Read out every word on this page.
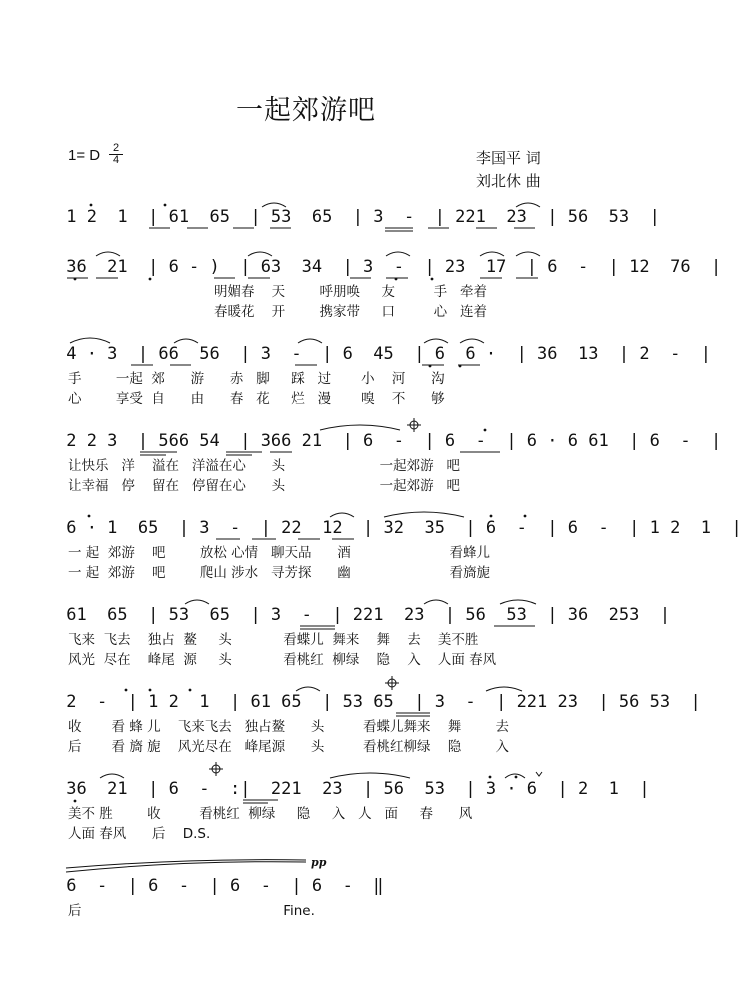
一起郊游吧
1= D	2
4	李国平 词
刘北休 曲
1 2  1  | 61  65  | 53  65  | 3  -  | 221  23  | 56  53  |
36  21  | 6 - )  | 63  34  | 3  -  | 23  17  | 6  -  | 12  76  |
明媚春    天        呼朋唤     友         手   牵着
春暖花    开        携家带     口         心   连着
4 · 3  | 66  56  | 3  -  | 6  45  | 6  6 ·  | 36  13  | 2  -  |
手        一起  郊      游      赤   脚     踩   过       小    河      沟
心        享受  自      由      春   花     烂   漫       嗅    不      够
2 2 3  | 566 54  | 366 21  | 6  -  | 6  -  | 6 · 6 61  | 6  -  |
让快乐   洋    溢在   洋溢在心      头                      一起郊游   吧
让幸福   停    留在   停留在心      头                      一起郊游   吧
6 · 1  65  | 3  -  | 22  12  | 32  35  | 6  -  | 6  -  | 1 2  1  |
一 起  郊游    吧        放松 心情   聊天品      酒                       看蜂儿
一 起  郊游    吧        爬山 涉水   寻芳探      幽                       看旖旎
61  65  | 53  65  | 3  -  | 221  23  | 56  53  | 36  253  |
飞来  飞去    独占  鳌     头            看蝶儿  舞来    舞    去    美不胜
风光  尽在    峰尾  源     头            看桃红  柳绿    隐    入    人面 春风
2  -  | 1 2  1  | 61 65  | 53 65  | 3  -  | 221 23  | 56 53  |
收       看 蜂 儿    飞来飞去   独占鳌      头         看蝶儿舞来    舞        去
后       看 旖 旎    风光尽在   峰尾源      头         看桃红柳绿    隐        入
36  21  | 6  -  :|  221  23  | 56  53  | 3 · 6  | 2  1  |
美不 胜        收         看桃红  柳绿     隐     入   人   面     春      风
人面 春风      后    D.S.
6  -  | 6  -  | 6  -  | 6  -  ‖
后                                               Fine.
pp
